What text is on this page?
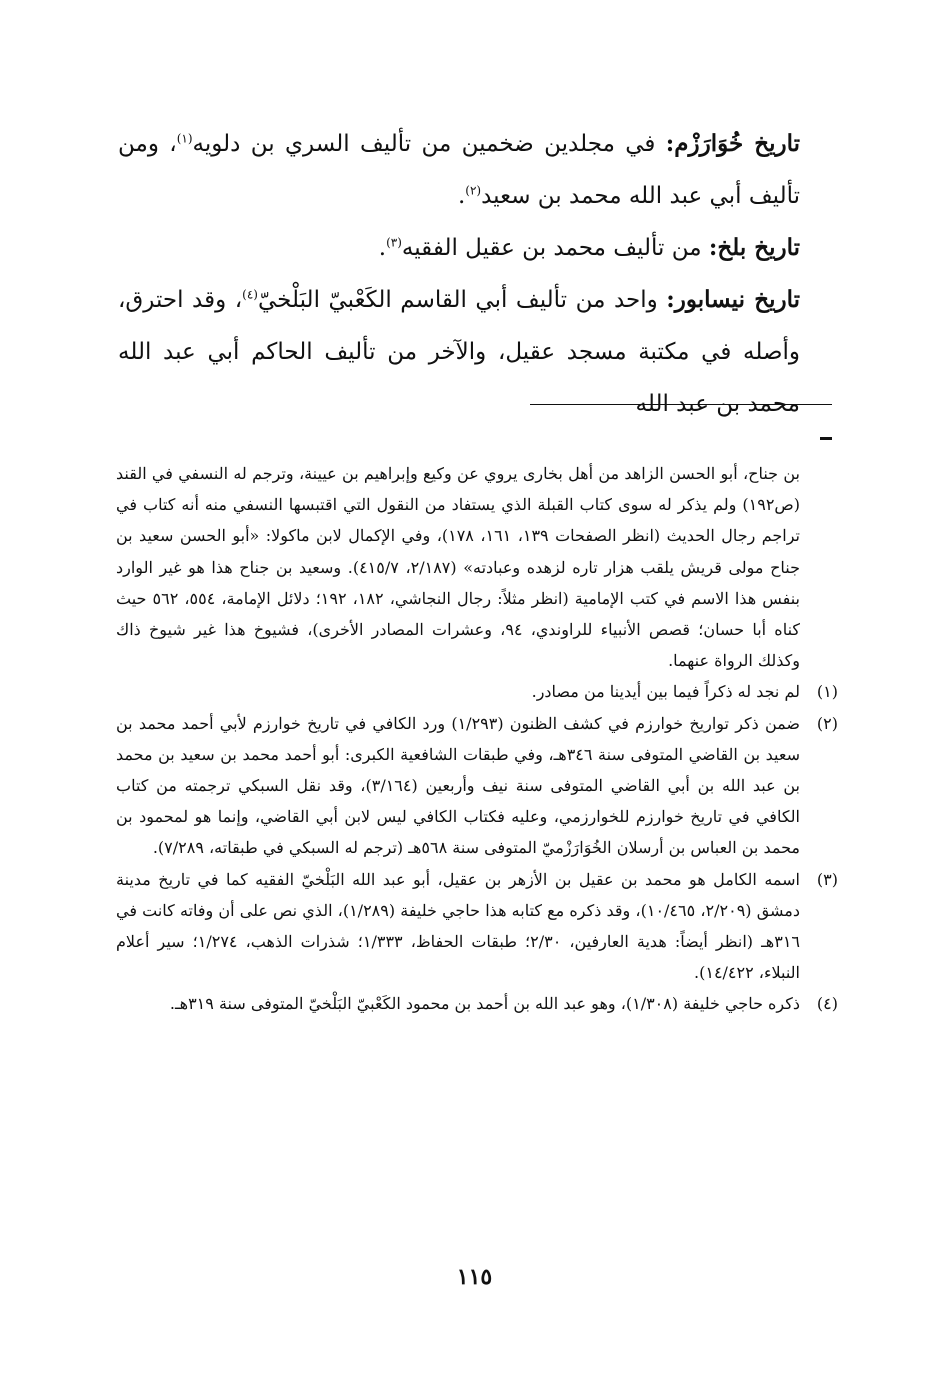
تاريخ خُوَارَزْم: في مجلدين ضخمين من تأليف السري بن دلويه$^{(١)}$، ومن تأليف أبي عبد الله محمد بن سعيد$^{(٢)}$.

تاريخ بلخ: من تأليف محمد بن عقيل الفقيه$^{(٣)}$.

تاريخ نيسابور: واحد من تأليف أبي القاسم الكَعْبيّ البَلْخيّ$^{(٤)}$، وقد احترق، وأصله في مكتبة مسجد عقيل، والآخر من تأليف الحاكم أبي عبد الله محمد بن عبد الله

بن جناح، أبو الحسن الزاهد من أهل بخارى يروي عن وكيع وإبراهيم بن عيينة، وترجم له النسفي في القند (ص١٩٢) ولم يذكر له سوى كتاب القبلة الذي يستفاد من النقول التي اقتبسها النسفي منه أنه كتاب في تراجم رجال الحديث (انظر الصفحات ١٣٩، ١٦١، ١٧٨)، وفي الإكمال لابن ماكولا: «أبو الحسن سعيد بن جناح مولى قريش يلقب هزار تاره لزهده وعبادته» (٢/١٨٧، ٤١٥/٧). وسعيد بن جناح هذا هو غير الوارد بنفس هذا الاسم في كتب الإمامية (انظر مثلاً: رجال النجاشي، ١٨٢، ١٩٢؛ دلائل الإمامة، ٥٥٤، ٥٦٢ حيث كناه أبا حسان؛ قصص الأنبياء للراوندي، ٩٤، وعشرات المصادر الأخرى)، فشيوخ هذا غير شيوخ ذاك وكذلك الرواة عنهما.

(١)لم نجد له ذكراً فيما بين أيدينا من مصادر.

(٢)ضمن ذكر تواريخ خوارزم في كشف الظنون (١/٢٩٣) ورد الكافي في تاريخ خوارزم لأبي أحمد محمد بن سعيد بن القاضي المتوفى سنة ٣٤٦هـ، وفي طبقات الشافعية الكبرى: أبو أحمد محمد بن سعيد بن محمد بن عبد الله بن أبي القاضي المتوفى سنة نيف وأربعين (٣/١٦٤)، وقد نقل السبكي ترجمته من كتاب الكافي في تاريخ خوارزم للخوارزمي، وعليه فكتاب الكافي ليس لابن أبي القاضي، وإنما هو لمحمود بن محمد بن العباس بن أرسلان الخُوَارَزْميّ المتوفى سنة ٥٦٨هـ (ترجم له السبكي في طبقاته، ٧/٢٨٩).

(٣)اسمه الكامل هو محمد بن عقيل بن الأزهر بن عقيل، أبو عبد الله البَلْخيّ الفقيه كما في تاريخ مدينة دمشق (٢/٢٠٩، ١٠/٤٦٥)، وقد ذكره مع كتابه هذا حاجي خليفة (١/٢٨٩)، الذي نص على أن وفاته كانت في ٣١٦هـ (انظر أيضاً: هدية العارفين، ٢/٣٠؛ طبقات الحفاظ، ١/٣٣٣؛ شذرات الذهب، ١/٢٧٤؛ سير أعلام النبلاء، ١٤/٤٢٢).

(٤)ذكره حاجي خليفة (١/٣٠٨)، وهو عبد الله بن أحمد بن محمود الكَعْبيّ البَلْخيّ المتوفى سنة ٣١٩هـ.

١١٥
